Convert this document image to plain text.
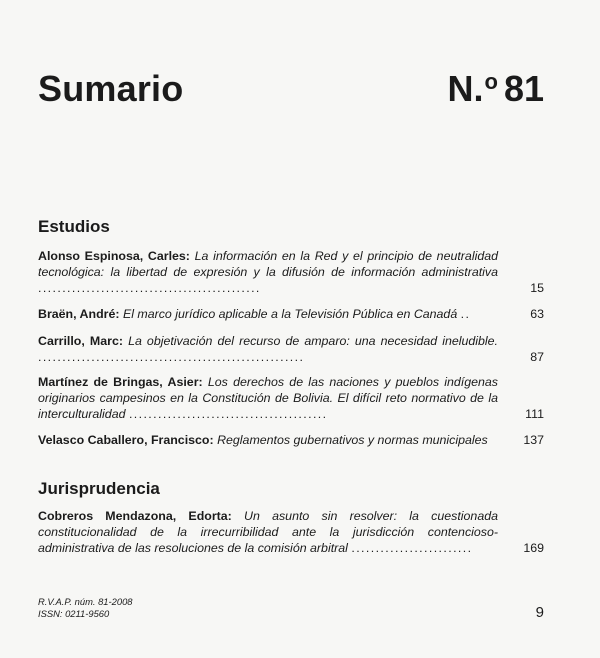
Sumario	N.$^o$ 81
Estudios
Alonso Espinosa, Carles: La información en la Red y el principio de neutralidad tecnológica: la libertad de expresión y la difusión de información administrativa ..............................................	15
Braën, André: El marco jurídico aplicable a la Televisión Pública en Canadá ..	63
Carrillo, Marc: La objetivación del recurso de amparo: una necesidad ineludible. .......................................................	87
Martínez de Bringas, Asier: Los derechos de las naciones y pueblos indígenas originarios campesinos en la Constitución de Bolivia. El difícil reto normativo de la interculturalidad .........................................	111
Velasco Caballero, Francisco: Reglamentos gubernativos y normas municipales	137
Jurisprudencia
Cobreros Mendazona, Edorta: Un asunto sin resolver: la cuestionada constitucionalidad de la irrecurribilidad ante la jurisdicción contencioso-administrativa de las resoluciones de la comisión arbitral .........................	169
R.V.A.P. núm. 81-2008
ISSN: 0211-9560	9
